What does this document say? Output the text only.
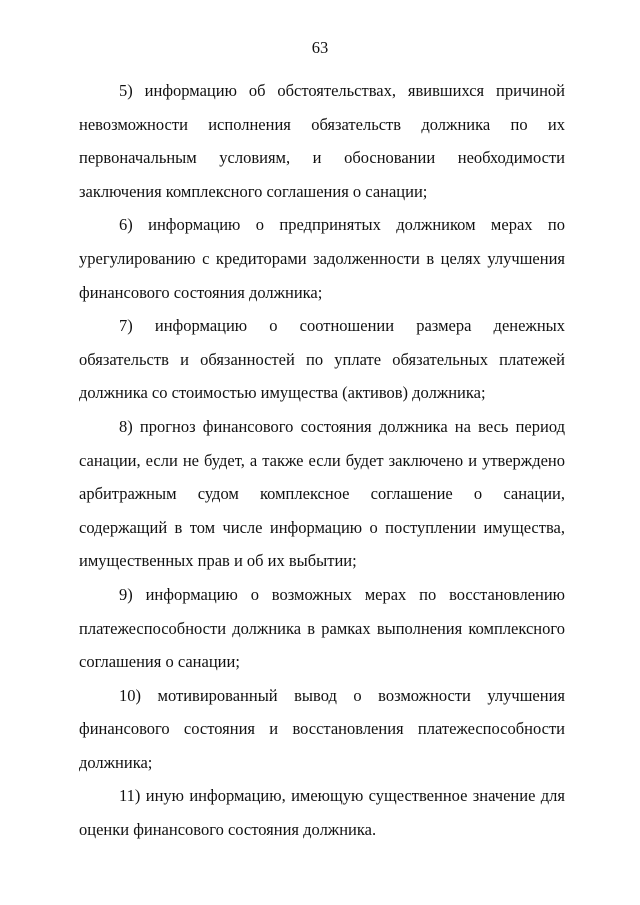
63

5) информацию об обстоятельствах, явившихся причиной невозможности исполнения обязательств должника по их первоначальным условиям, и обосновании необходимости заключения комплексного соглашения о санации;

6) информацию о предпринятых должником мерах по урегулированию с кредиторами задолженности в целях улучшения финансового состояния должника;

7) информацию о соотношении размера денежных обязательств и обязанностей по уплате обязательных платежей должника со стоимостью имущества (активов) должника;

8) прогноз финансового состояния должника на весь период санации, если не будет, а также если будет заключено и утверждено арбитражным судом комплексное соглашение о санации, содержащий в том числе информацию о поступлении имущества, имущественных прав и об их выбытии;

9) информацию о возможных мерах по восстановлению платежеспособности должника в рамках выполнения комплексного соглашения о санации;

10) мотивированный вывод о возможности улучшения финансового состояния и восстановления платежеспособности должника;

11) иную информацию, имеющую существенное значение для оценки финансового состояния должника.
